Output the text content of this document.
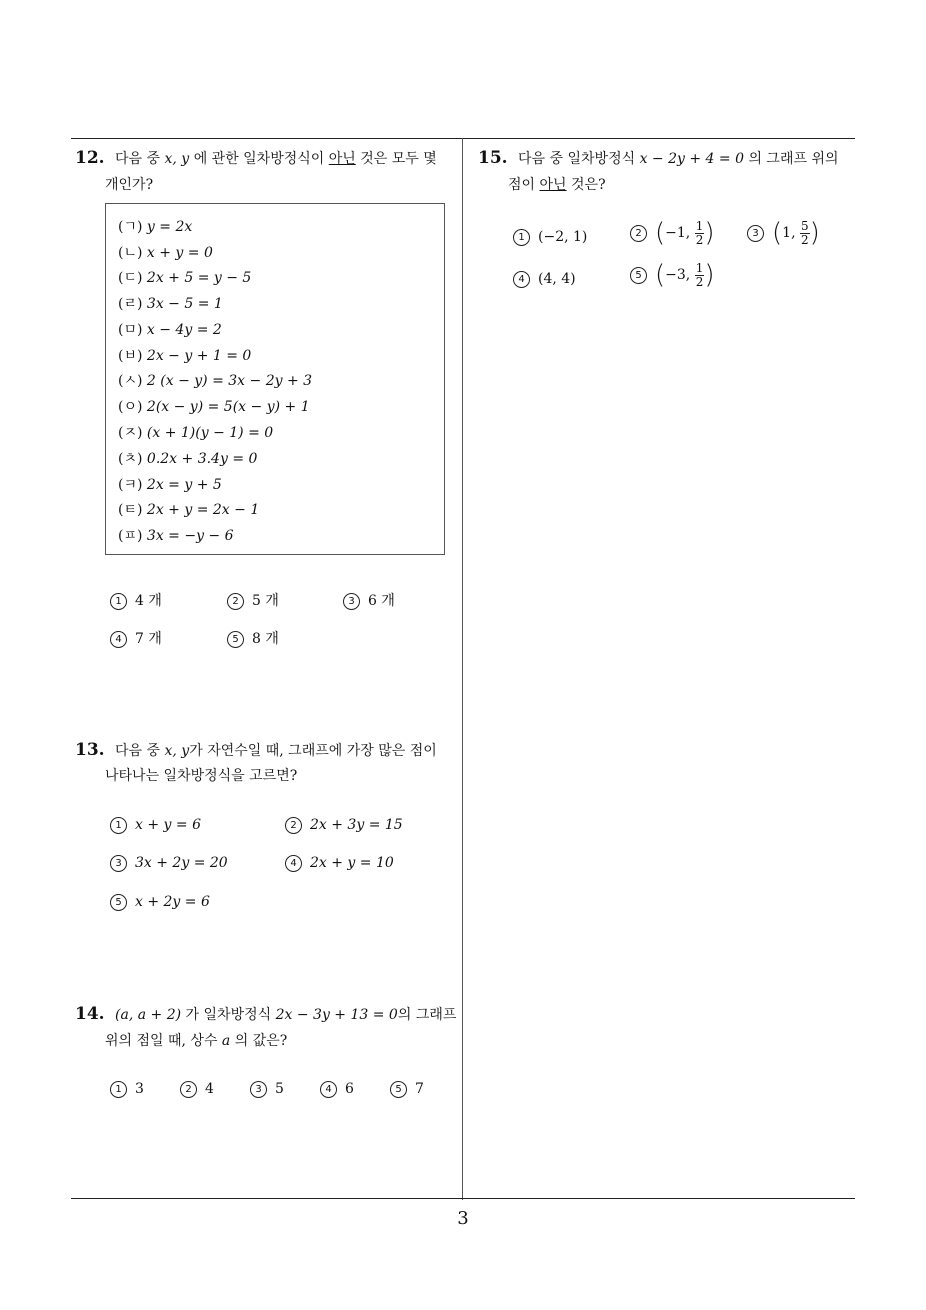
3
12. 다음 중 x, y 에 관한 일차방정식이 아닌 것은 모두 몇
개인가?
(ㄱ) y = 2x
(ㄴ) x + y = 0
(ㄷ) 2x + 5 = y − 5
(ㄹ) 3x − 5 = 1
(ㅁ) x − 4y = 2
(ㅂ) 2x − y + 1 = 0
(ㅅ) 2 (x − y) = 3x − 2y + 3
(ㅇ) 2(x − y) = 5(x − y) + 1
(ㅈ) (x + 1)(y − 1) = 0
(ㅊ) 0.2x + 3.4y = 0
(ㅋ) 2x = y + 5
(ㅌ) 2x + y = 2x − 1
(ㅍ) 3x = −y − 6
1 4 개	2 5 개	3 6 개
4 7 개	5 8 개
13. 다음 중 x, y가 자연수일 때, 그래프에 가장 많은 점이
나타나는 일차방정식을 고르면?
1 x + y = 6	2 2x + 3y = 15
3 3x + 2y = 20	4 2x + y = 10
5 x + 2y = 6
14. (a, a + 2) 가 일차방정식 2x − 3y + 13 = 0의 그래프
위의 점일 때, 상수 a 의 값은?
1 3	2 4	3 5	4 6	5 7
15. 다음 중 일차방정식 x − 2y + 4 = 0 의 그래프 위의
점이 아닌 것은?
1 (−2, 1)	2 (−1, $\frac{1}{2}$ )	3 (1, $\frac{5}{2}$ )
4 (4, 4)	5 (−3, $\frac{1}{2}$ )
